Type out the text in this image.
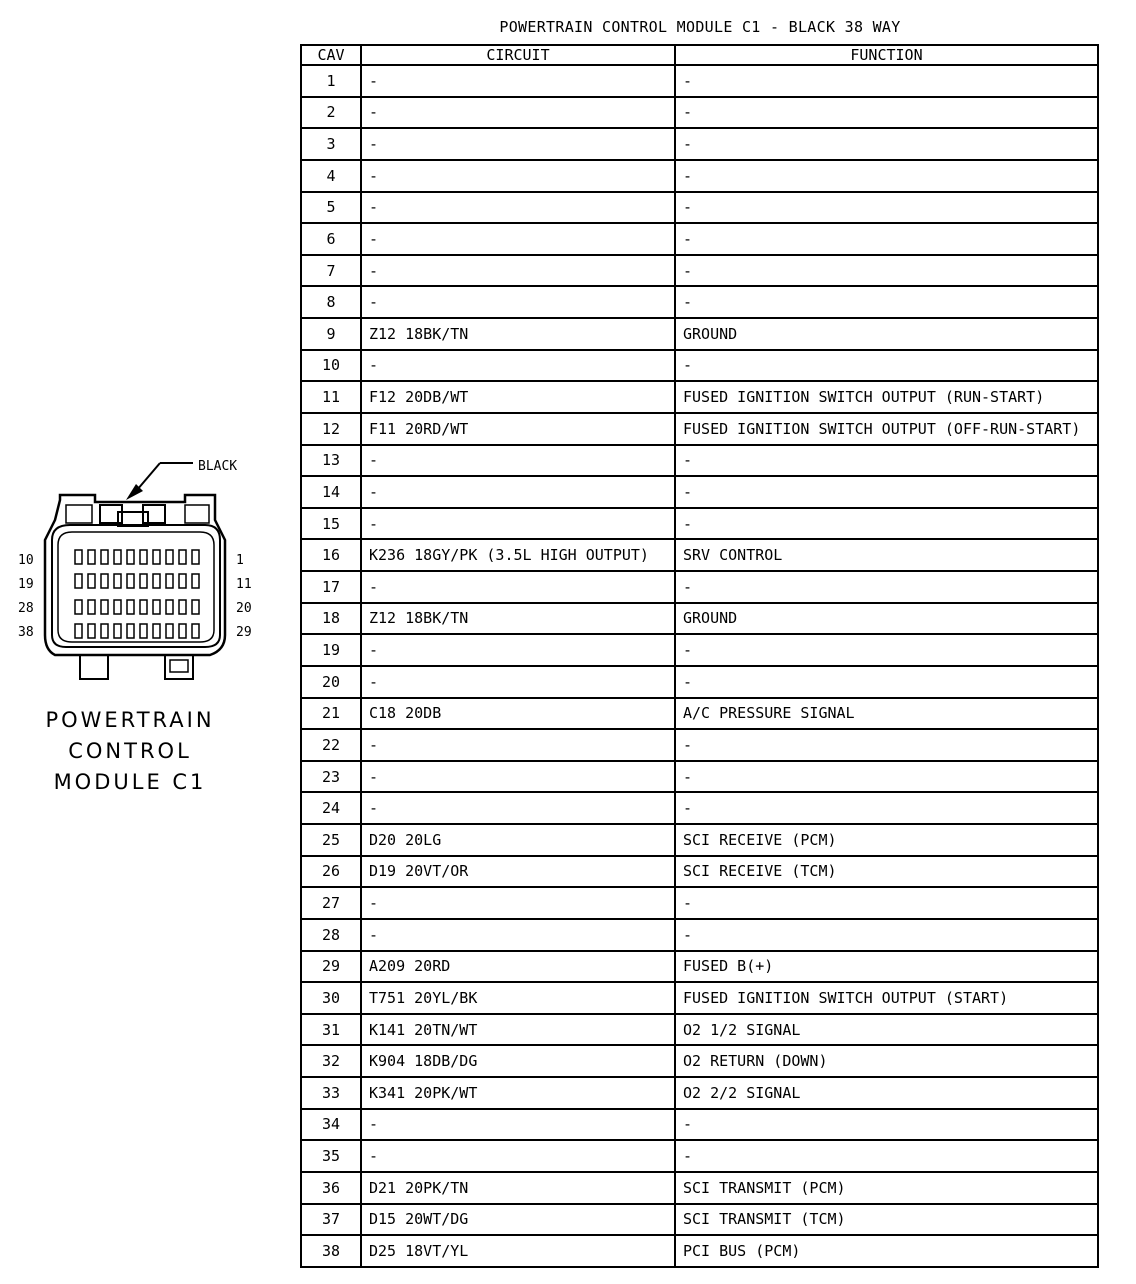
POWERTRAIN CONTROL MODULE C1 - BLACK 38 WAY
CAV	CIRCUIT	FUNCTION
1	-	-
2	-	-
3	-	-
4	-	-
5	-	-
6	-	-
7	-	-
8	-	-
9	Z12 18BK/TN	GROUND
10	-	-
11	F12 20DB/WT	FUSED IGNITION SWITCH OUTPUT (RUN-START)
12	F11 20RD/WT	FUSED IGNITION SWITCH OUTPUT (OFF-RUN-START)
13	-	-
14	-	-
15	-	-
16	K236 18GY/PK (3.5L HIGH OUTPUT)	SRV CONTROL
17	-	-
18	Z12 18BK/TN	GROUND
19	-	-
20	-	-
21	C18 20DB	A/C PRESSURE SIGNAL
22	-	-
23	-	-
24	-	-
25	D20 20LG	SCI RECEIVE (PCM)
26	D19 20VT/OR	SCI RECEIVE (TCM)
27	-	-
28	-	-
29	A209 20RD	FUSED B(+)
30	T751 20YL/BK	FUSED IGNITION SWITCH OUTPUT (START)
31	K141 20TN/WT	O2 1/2 SIGNAL
32	K904 18DB/DG	O2 RETURN (DOWN)
33	K341 20PK/WT	O2 2/2 SIGNAL
34	-	-
35	-	-
36	D21 20PK/TN	SCI TRANSMIT (PCM)
37	D15 20WT/DG	SCI TRANSMIT (TCM)
38	D25 18VT/YL	PCI BUS (PCM)
BLACK
10
19
28
38
1
11
20
29
POWERTRAIN
CONTROL
MODULE C1
